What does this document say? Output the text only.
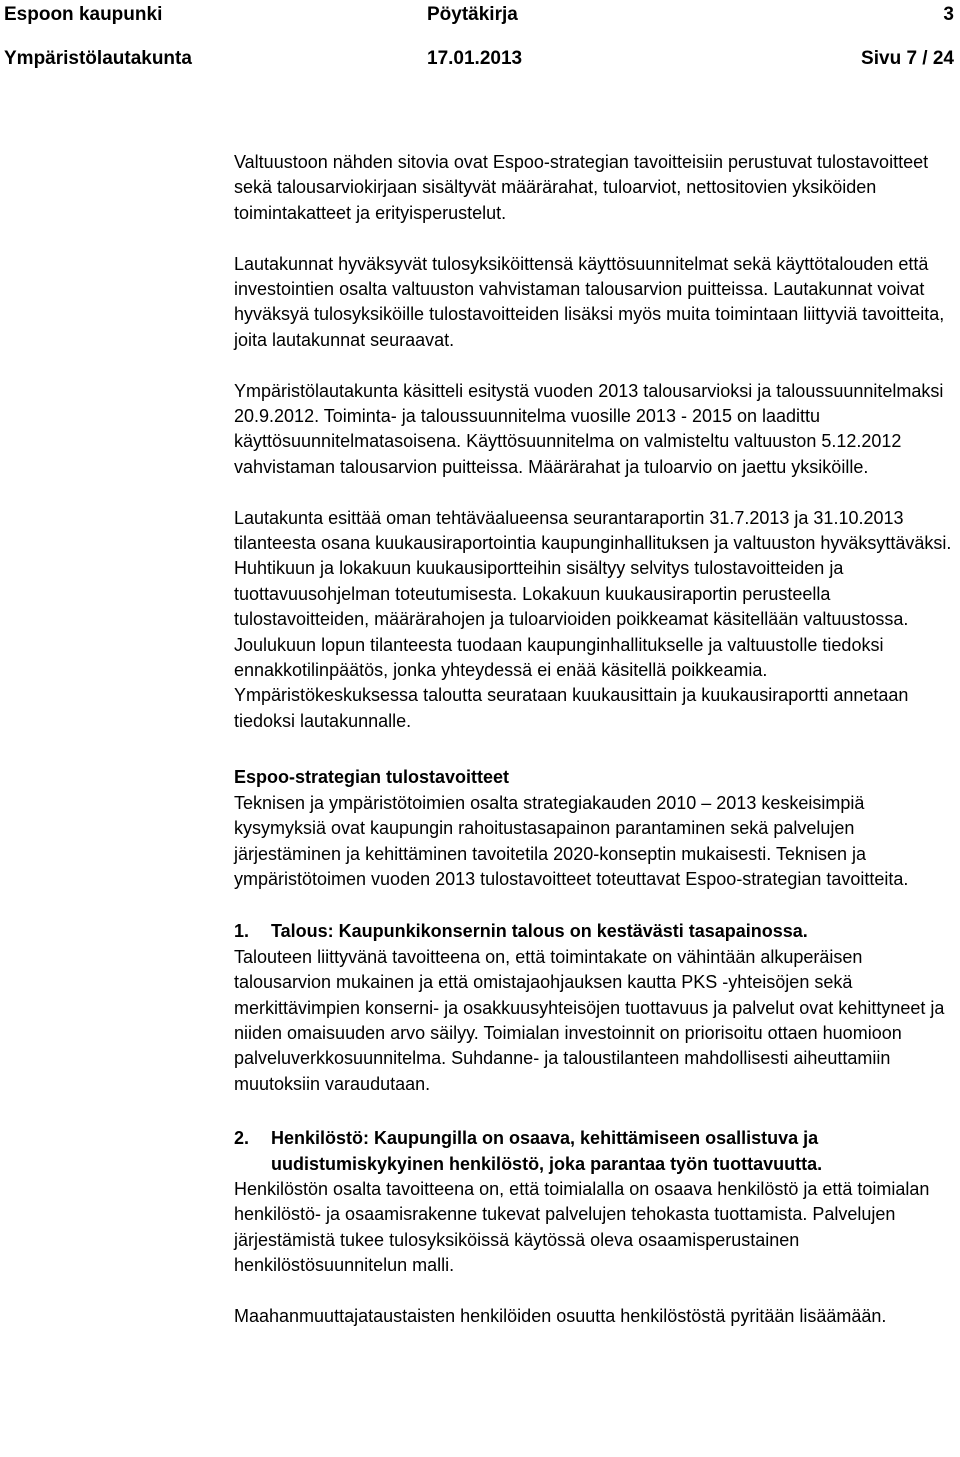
Espoon kaupunki	Pöytäkirja	3
Ympäristölautakunta	17.01.2013	Sivu 7 / 24

Valtuustoon nähden sitovia ovat Espoo-strategian tavoitteisiin perustuvat tulostavoitteet sekä talousarviokirjaan sisältyvät määrärahat, tuloarviot, nettositovien yksiköiden toimintakatteet ja erityisperustelut.

Lautakunnat hyväksyvät tulosyksiköittensä käyttösuunnitelmat sekä käyttötalouden että investointien osalta valtuuston vahvistaman talousarvion puitteissa. Lautakunnat voivat hyväksyä tulosyksiköille tulostavoitteiden lisäksi myös muita toimintaan liittyviä tavoitteita, joita lautakunnat seuraavat.

Ympäristölautakunta käsitteli esitystä vuoden 2013 talousarvioksi ja taloussuunnitelmaksi 20.9.2012. Toiminta- ja taloussuunnitelma vuosille 2013 - 2015 on laadittu käyttösuunnitelmatasoisena. Käyttösuunnitelma on valmisteltu valtuuston 5.12.2012 vahvistaman talousarvion puitteissa. Määrärahat ja tuloarvio on jaettu yksiköille.

Lautakunta esittää oman tehtäväalueensa seurantaraportin 31.7.2013 ja 31.10.2013 tilanteesta osana kuukausiraportointia kaupunginhallituksen ja valtuuston hyväksyttäväksi. Huhtikuun ja lokakuun kuukausiportteihin sisältyy selvitys tulostavoitteiden ja tuottavuusohjelman toteutumisesta. Lokakuun kuukausiraportin perusteella tulostavoitteiden, määrärahojen ja tuloarvioiden poikkeamat käsitellään valtuustossa. Joulukuun lopun tilanteesta tuodaan kaupunginhallitukselle ja valtuustolle tiedoksi ennakkotilinpäätös, jonka yhteydessä ei enää käsitellä poikkeamia. Ympäristökeskuksessa taloutta seurataan kuukausittain ja kuukausiraportti annetaan tiedoksi lautakunnalle.

Espoo-strategian tulostavoitteet

Teknisen ja ympäristötoimien osalta strategiakauden 2010 – 2013 keskeisimpiä kysymyksiä ovat kaupungin rahoitustasapainon parantaminen sekä palvelujen järjestäminen ja kehittäminen tavoitetila 2020-konseptin mukaisesti. Teknisen ja ympäristötoimen vuoden 2013 tulostavoitteet toteuttavat Espoo-strategian tavoitteita.

1.	Talous: Kaupunkikonsernin talous on kestävästi tasapainossa.

Talouteen liittyvänä tavoitteena on, että toimintakate on vähintään alkuperäisen talousarvion mukainen ja että omistajaohjauksen kautta PKS -yhteisöjen sekä merkittävimpien konserni- ja osakkuusyhteisöjen tuottavuus ja palvelut ovat kehittyneet ja niiden omaisuuden arvo säilyy. Toimialan investoinnit on priorisoitu ottaen huomioon palveluverkkosuunnitelma. Suhdanne- ja taloustilanteen mahdollisesti aiheuttamiin muutoksiin varaudutaan.

2.	Henkilöstö: Kaupungilla on osaava, kehittämiseen osallistuva ja uudistumiskykyinen henkilöstö, joka parantaa työn tuottavuutta.

Henkilöstön osalta tavoitteena on, että toimialalla on osaava henkilöstö ja että toimialan henkilöstö- ja osaamisrakenne tukevat palvelujen tehokasta tuottamista. Palvelujen järjestämistä tukee tulosyksiköissä käytössä oleva osaamisperustainen henkilöstösuunnitelun malli.

Maahanmuuttajataustaisten henkilöiden osuutta henkilöstöstä pyritään lisäämään.
